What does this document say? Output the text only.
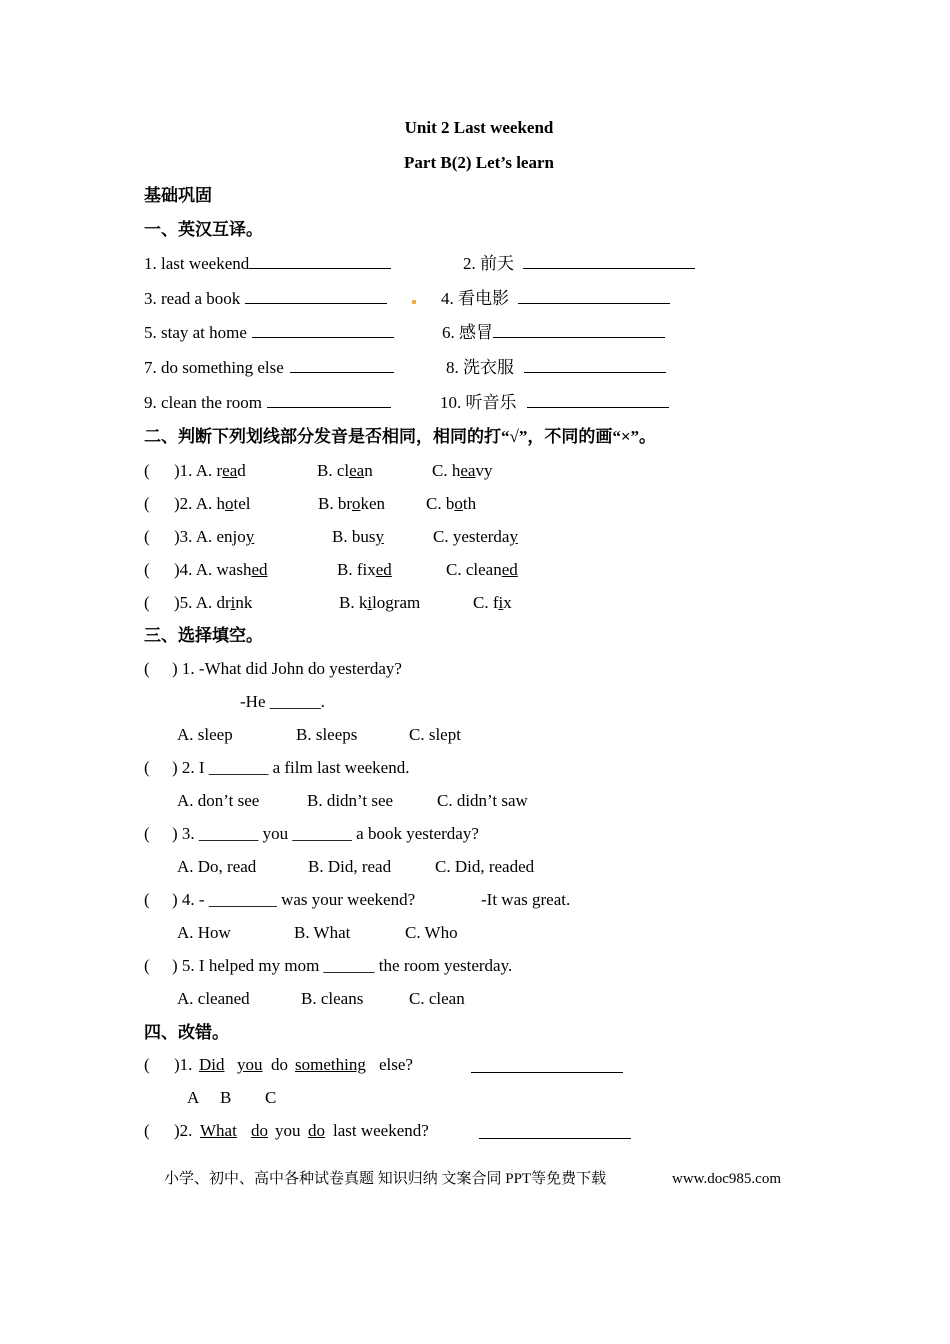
Unit 2 Last weekend
Part B(2) Let’s learn
基础巩固
一、英汉互译。
1. last weekend	2. 前天
3. read a book	4. 看电影
5. stay at home	6. 感冒
7. do something else	8. 洗衣服
9. clean the room	10. 听音乐
二、判断下列划线部分发音是否相同，相同的打“√”，不同的画“×”。
( )1. A. read	B. clean	C. heavy
( )2. A. hotel	B. broken C. both
( )3. A. enjoy	B. busy	C. yesterday
( )4. A. washed	B. fixed	C. cleaned
( )5. A. drink	B. kilogram	C. fix
三、选择填空。
( ) 1. -What did John do yesterday?
-He ______.
A. sleep	B. sleeps	C. slept
( ) 2. I _______ a film last weekend.
A. don’t see	B. didn’t see	C. didn’t saw
( ) 3. _______ you _______ a book yesterday?
A. Do, read	B. Did, read	C. Did, readed
( ) 4. - ________ was your weekend?	-It was great.
A. How	B. What	C. Who
( ) 5. I helped my mom ______ the room yesterday.
A. cleaned	B. cleans	C. clean
四、改错。
( )1. Did you do something else?
A B C
( )2. What do you do last weekend?
小学、初中、高中各种试卷真题 知识归纳 文案合同 PPT等免费下载	www.doc985.com
